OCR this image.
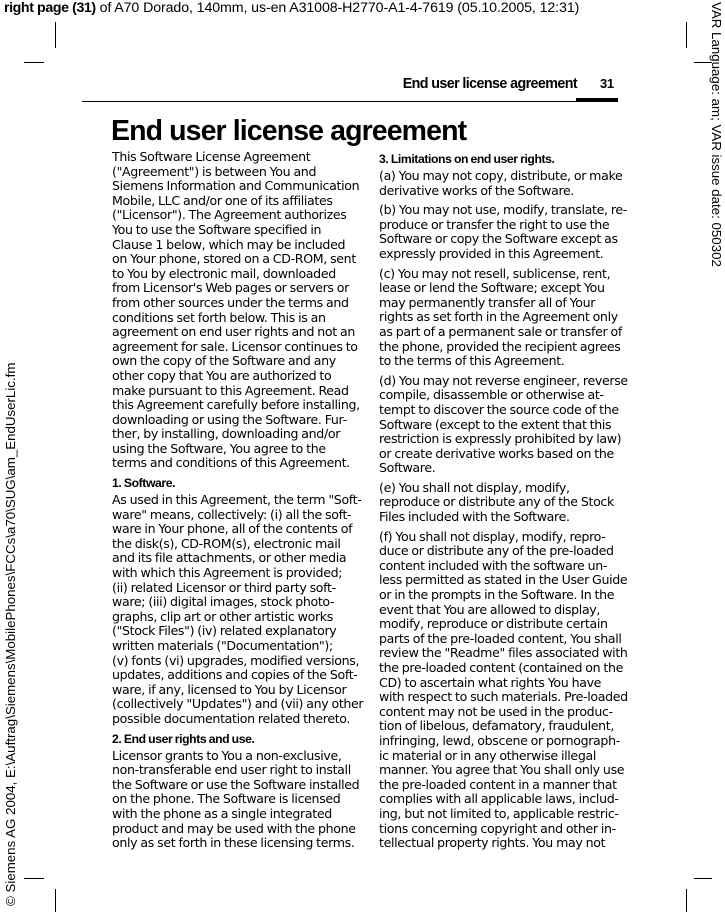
right page (31) of A70 Dorado, 140mm, us-en A31008-H2770-A1-4-7619 (05.10.2005, 12:31)
© Siemens AG 2004, E:\Auftrag\Siemens\MobilePhones\FCCs\a70\SUG\am_EndUserLic.fm
VAR Language: am; VAR issue date: 050302
End user license agreement 31
End user license agreement

This Software License Agreement
("Agreement") is between You and
Siemens Information and Communication
Mobile, LLC and/or one of its affiliates
("Licensor"). The Agreement authorizes
You to use the Software specified in
Clause 1 below, which may be included
on Your phone, stored on a CD-ROM, sent
to You by electronic mail, downloaded
from Licensor's Web pages or servers or
from other sources under the terms and
conditions set forth below. This is an
agreement on end user rights and not an
agreement for sale. Licensor continues to
own the copy of the Software and any
other copy that You are authorized to
make pursuant to this Agreement. Read
this Agreement carefully before installing,
downloading or using the Software. Fur-
ther, by installing, downloading and/or
using the Software, You agree to the
terms and conditions of this Agreement.

1. Software.

As used in this Agreement, the term "Soft-
ware" means, collectively: (i) all the soft-
ware in Your phone, all of the contents of
the disk(s), CD-ROM(s), electronic mail
and its file attachments, or other media
with which this Agreement is provided;
(ii) related Licensor or third party soft-
ware; (iii) digital images, stock photo-
graphs, clip art or other artistic works
("Stock Files") (iv) related explanatory
written materials ("Documentation");
(v) fonts (vi) upgrades, modified versions,
updates, additions and copies of the Soft-
ware, if any, licensed to You by Licensor
(collectively "Updates") and (vii) any other
possible documentation related thereto.

2. End user rights and use.

Licensor grants to You a non-exclusive,
non-transferable end user right to install
the Software or use the Software installed
on the phone. The Software is licensed
with the phone as a single integrated
product and may be used with the phone
only as set forth in these licensing terms.

3. Limitations on end user rights.

(a) You may not copy, distribute, or make
derivative works of the Software.

(b) You may not use, modify, translate, re-
produce or transfer the right to use the
Software or copy the Software except as
expressly provided in this Agreement.

(c) You may not resell, sublicense, rent,
lease or lend the Software; except You
may permanently transfer all of Your
rights as set forth in the Agreement only
as part of a permanent sale or transfer of
the phone, provided the recipient agrees
to the terms of this Agreement.

(d) You may not reverse engineer, reverse
compile, disassemble or otherwise at-
tempt to discover the source code of the
Software (except to the extent that this
restriction is expressly prohibited by law)
or create derivative works based on the
Software.

(e) You shall not display, modify,
reproduce or distribute any of the Stock
Files included with the Software.

(f) You shall not display, modify, repro-
duce or distribute any of the pre-loaded
content included with the software un-
less permitted as stated in the User Guide
or in the prompts in the Software. In the
event that You are allowed to display,
modify, reproduce or distribute certain
parts of the pre-loaded content, You shall
review the "Readme" files associated with
the pre-loaded content (contained on the
CD) to ascertain what rights You have
with respect to such materials. Pre-loaded
content may not be used in the produc-
tion of libelous, defamatory, fraudulent,
infringing, lewd, obscene or pornograph-
ic material or in any otherwise illegal
manner. You agree that You shall only use
the pre-loaded content in a manner that
complies with all applicable laws, includ-
ing, but not limited to, applicable restric-
tions concerning copyright and other in-
tellectual property rights. You may not
